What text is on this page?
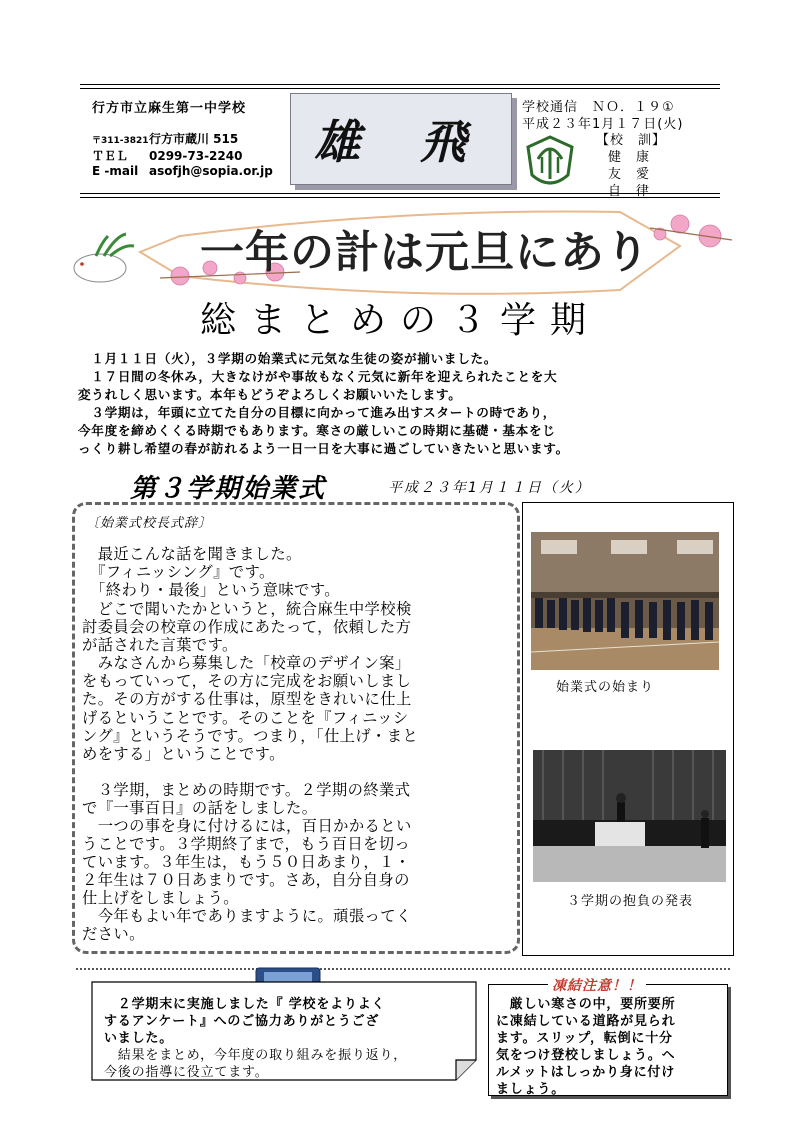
行方市立麻生第一中学校
〒311-3821行方市蔵川 515
ＴＥＬ 0299-73-2240
E -mail asofjh@sopia.or.jp
雄 飛
学校通信　ＮＯ．１９①
平成２３年1月１７日(火)
【校　訓】
健　康
友　愛
自　律
一年の計は元旦にあり
総まとめの３学期
　１月１１日（火），３学期の始業式に元気な生徒の姿が揃いました。
　１７日間の冬休み，大きなけがや事故もなく元気に新年を迎えられたことを大
変うれしく思います。本年もどうぞよろしくお願いいたします。
　３学期は，年頭に立てた自分の目標に向かって進み出すスタートの時であり，
今年度を締めくくる時期でもあります。寒さの厳しいこの時期に基礎・基本をじ
っくり耕し希望の春が訪れるよう一日一日を大事に過ごしていきたいと思います。
第３学期始業式	平成２３年1月１１日（火）
〔始業式校長式辞〕
　最近こんな話を聞きました。
　『フィニッシング』です。
　「終わり・最後」という意味です。
　どこで聞いたかというと，統合麻生中学校検
討委員会の校章の作成にあたって，依頼した方
が話された言葉です。
　みなさんから募集した「校章のデザイン案」
をもっていって，その方に完成をお願いしまし
た。その方がする仕事は，原型をきれいに仕上
げるということです。そのことを『フィニッシ
ング』というそうです。つまり，「仕上げ・まと
めをする」ということです。
　３学期，まとめの時期です。２学期の終業式
で『一事百日』の話をしました。
　一つの事を身に付けるには，百日かかるとい
うことです。３学期終了まで，もう百日を切っ
ています。３年生は，もう５０日あまり，１・
２年生は７０日あまりです。さあ，自分自身の
仕上げをしましょう。
　今年もよい年でありますように。頑張ってく
ださい。
始業式の始まり
３学期の抱負の発表
　２学期末に実施しました『 学校をよりよく
するアンケート』へのご協力ありがとうござ
いました。
　結果をまとめ，今年度の取り組みを振り返り，
今後の指導に役立てます。
凍結注意！！
　厳しい寒さの中，要所要所
に凍結している道路が見られ
ます。スリップ，転倒に十分
気をつけ登校しましょう。ヘ
ルメットはしっかり身に付け
ましょう。
